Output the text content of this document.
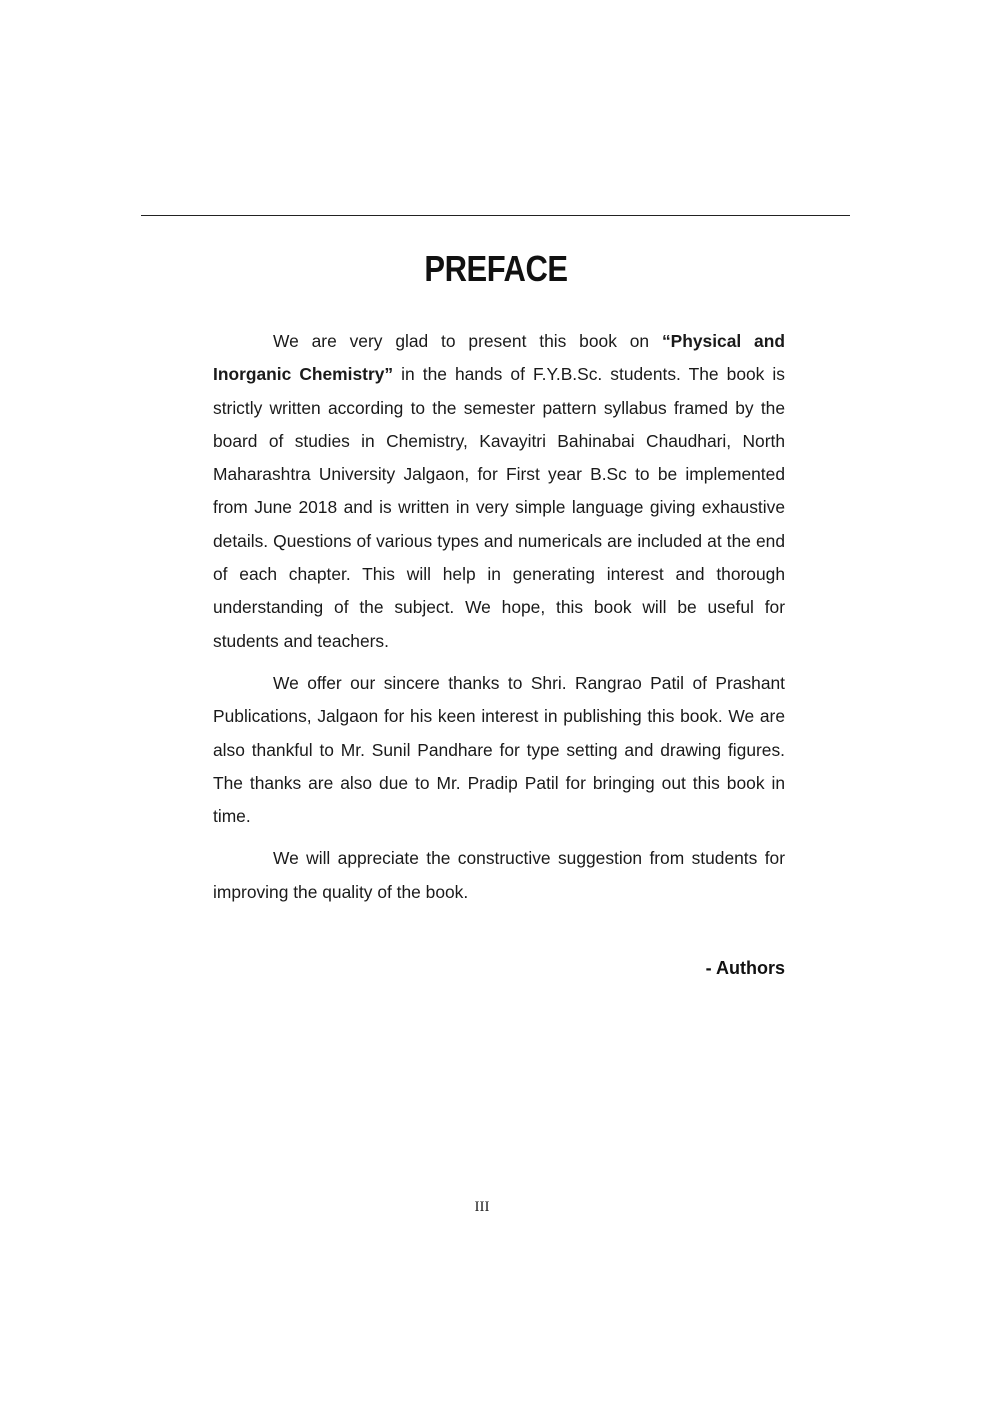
PREFACE

We are very glad to present this book on “Physical and Inorganic Chemistry” in the hands of F.Y.B.Sc. students. The book is strictly written according to the semester pattern syllabus framed by the board of studies in Chemistry, Kavayitri Bahinabai Chaudhari, North Maharashtra University Jalgaon, for First year B.Sc to be implemented from June 2018 and is written in very simple language giving exhaustive details. Questions of various types and numericals are included at the end of each chapter. This will help in generating interest and thorough understanding of the subject. We hope, this book will be useful for students and teachers.

We offer our sincere thanks to Shri. Rangrao Patil of Prashant Publications, Jalgaon for his keen interest in publishing this book. We are also thankful to Mr. Sunil Pandhare for type setting and drawing figures. The thanks are also due to Mr. Pradip Patil for bringing out this book in time.

We will appreciate the constructive suggestion from students for improving the quality of the book.

- Authors
III
